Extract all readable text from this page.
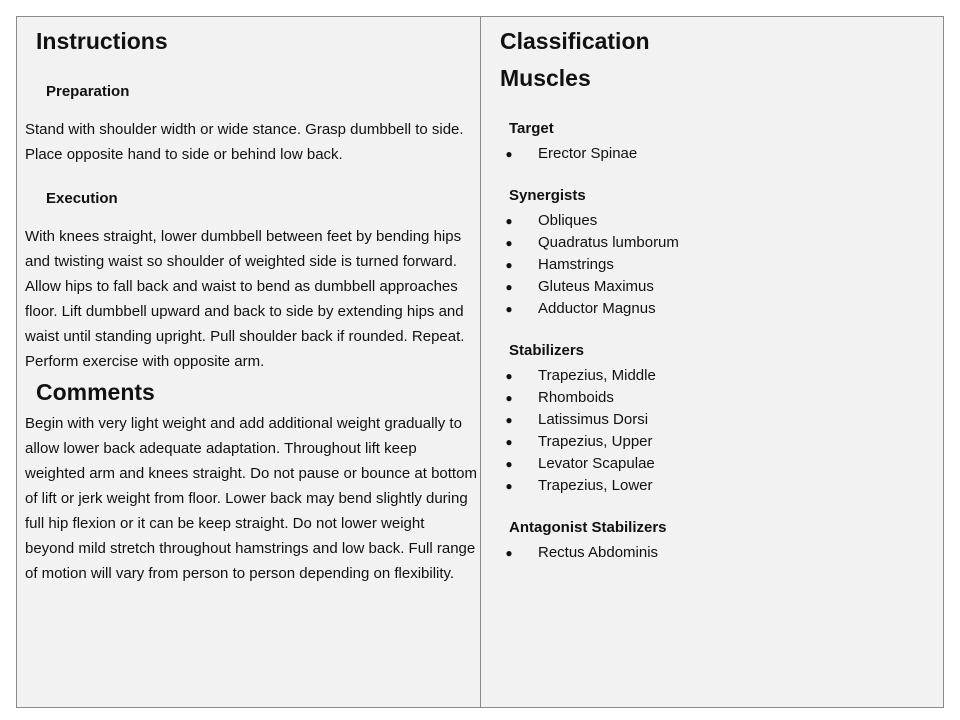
Instructions
Preparation

Stand with shoulder width or wide stance. Grasp dumbbell to side. Place opposite hand to side or behind low back.

Execution

With knees straight, lower dumbbell between feet by bending hips and twisting waist so shoulder of weighted side is turned forward. Allow hips to fall back and waist to bend as dumbbell approaches floor. Lift dumbbell upward and back to side by extending hips and waist until standing upright. Pull shoulder back if rounded. Repeat. Perform exercise with opposite arm.

Comments

Begin with very light weight and add additional weight gradually to allow lower back adequate adaptation. Throughout lift keep weighted arm and knees straight. Do not pause or bounce at bottom of lift or jerk weight from floor. Lower back may bend slightly during full hip flexion or it can be keep straight. Do not lower weight beyond mild stretch throughout hamstrings and low back. Full range of motion will vary from person to person depending on flexibility.

Classification
Muscles
Target
● Erector Spinae
Synergists
● Obliques
● Quadratus lumborum
● Hamstrings
● Gluteus Maximus
● Adductor Magnus
Stabilizers
● Trapezius, Middle
● Rhomboids
● Latissimus Dorsi
● Trapezius, Upper
● Levator Scapulae
● Trapezius, Lower
Antagonist Stabilizers
● Rectus Abdominis
